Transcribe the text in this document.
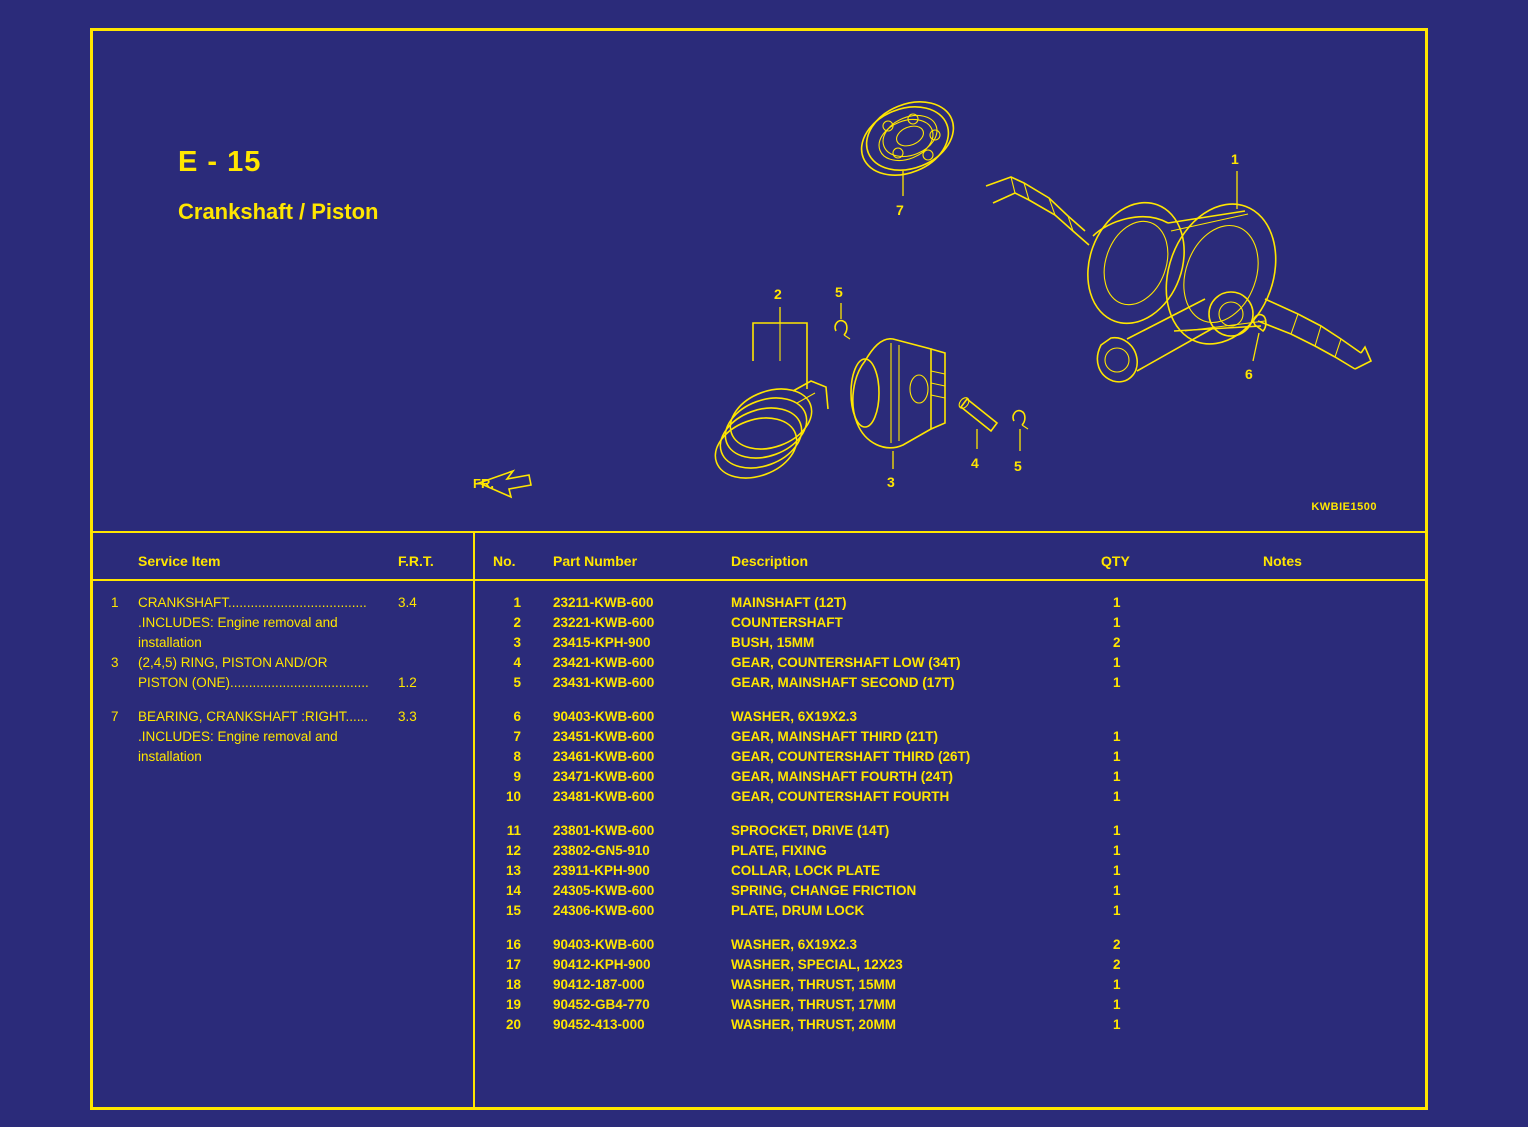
E - 15
Crankshaft / Piston
KWBIE1500
7
1
2
3
4
5
5
6
FR.
Service Item	F.R.T.
1 CRANKSHAFT..................................... 3.4
.INCLUDES: Engine removal and
installation
3 (2,4,5) RING, PISTON AND/OR
PISTON (ONE)..................................... 1.2
7 BEARING, CRANKSHAFT :RIGHT...... 3.3
.INCLUDES: Engine removal and
installation
No.	Part Number	Description	QTY	Notes
1 23211-KWB-600	MAINSHAFT (12T)	1
2 23221-KWB-600	COUNTERSHAFT	1
3 23415-KPH-900	BUSH, 15MM	2
4 23421-KWB-600	GEAR, COUNTERSHAFT LOW (34T)	1
5 23431-KWB-600	GEAR, MAINSHAFT SECOND (17T)	1
6 90403-KWB-600	WASHER, 6X19X2.3
7 23451-KWB-600	GEAR, MAINSHAFT THIRD (21T)	1
8 23461-KWB-600	GEAR, COUNTERSHAFT THIRD (26T)	1
9 23471-KWB-600	GEAR, MAINSHAFT FOURTH (24T)	1
10 23481-KWB-600	GEAR, COUNTERSHAFT FOURTH	1
11 23801-KWB-600	SPROCKET, DRIVE (14T)	1
12 23802-GN5-910	PLATE, FIXING	1
13 23911-KPH-900	COLLAR, LOCK PLATE	1
14 24305-KWB-600	SPRING, CHANGE FRICTION	1
15 24306-KWB-600	PLATE, DRUM LOCK	1
16 90403-KWB-600	WASHER, 6X19X2.3	2
17 90412-KPH-900	WASHER, SPECIAL, 12X23	2
18 90412-187-000	WASHER, THRUST, 15MM	1
19 90452-GB4-770	WASHER, THRUST, 17MM	1
20 90452-413-000	WASHER, THRUST, 20MM	1
